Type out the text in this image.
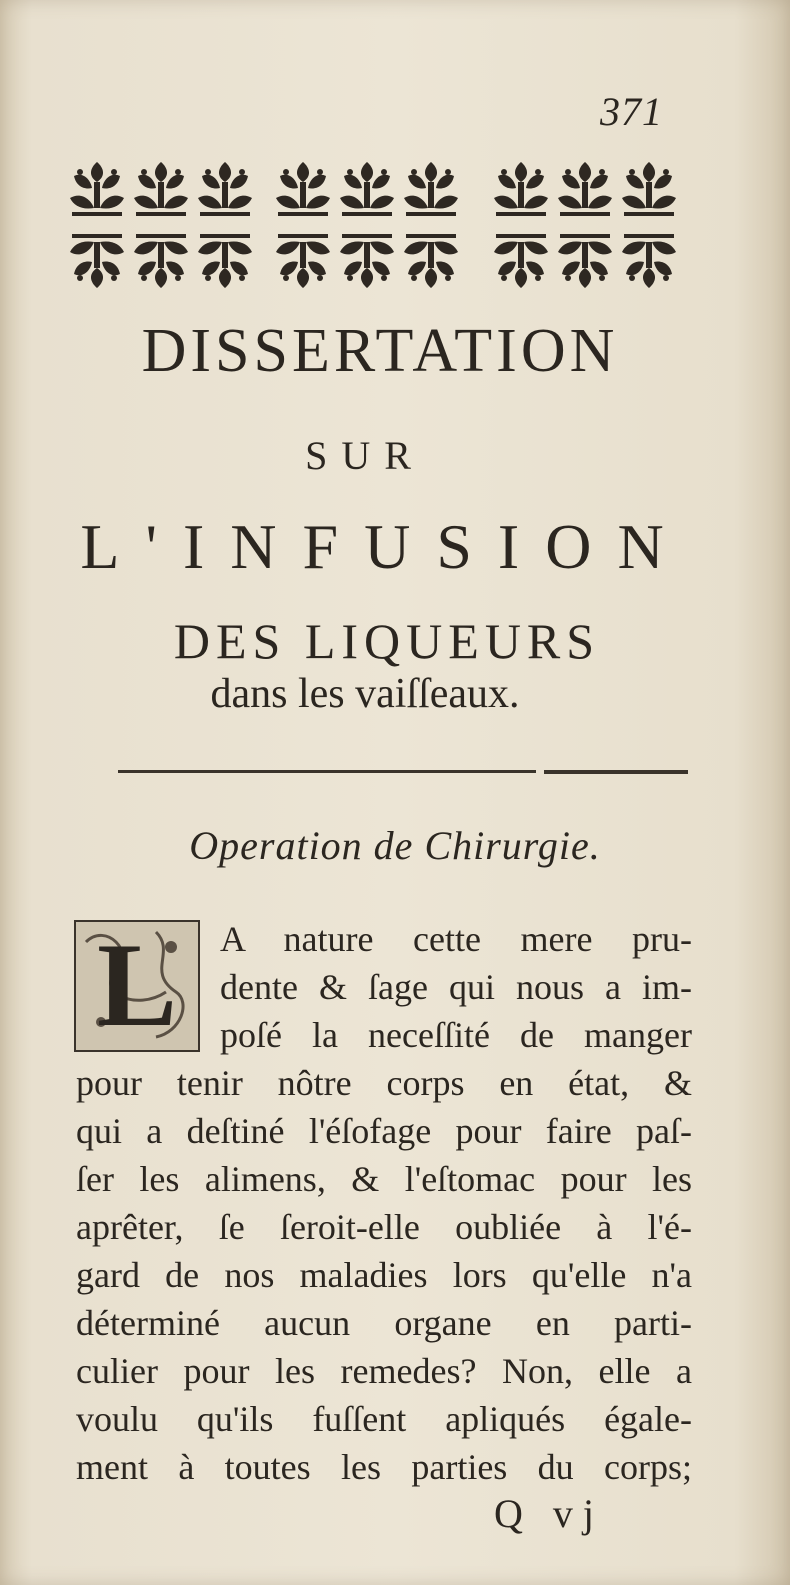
371
DISSERTATION
SUR
L'INFUSION
DES LIQUEURS
dans les vaiſſeaux.
Operation de Chirurgie.
L	A nature cette mere pru-
dente & ſage qui nous a im-
poſé la neceſſité de manger
pour tenir nôtre corps en état, &
qui a deſtiné l'éſofage pour faire paſ-
ſer les alimens, & l'eſtomac pour les
aprêter, ſe ſeroit-elle oubliée à l'é-
gard de nos maladies lors qu'elle n'a
déterminé aucun organe en parti-
culier pour les remedes? Non, elle a
voulu qu'ils fuſſent apliqués égale-
ment à toutes les parties du corps;
Q vj
